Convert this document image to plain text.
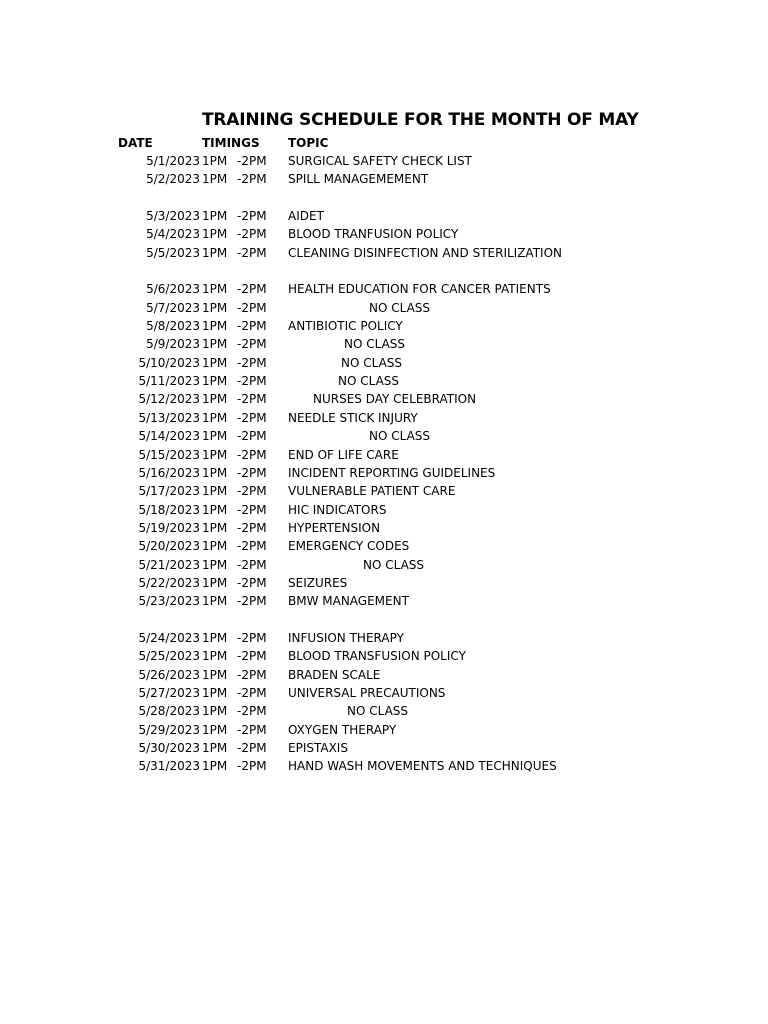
TRAINING SCHEDULE FOR THE MONTH OF MAY
DATE	TIMINGS TOPIC
5/1/2023 1PM -2PM SURGICAL SAFETY CHECK LIST
5/2/2023 1PM -2PM SPILL MANAGEMEMENT
5/3/2023 1PM -2PM AIDET
5/4/2023 1PM -2PM BLOOD TRANFUSION POLICY
5/5/2023 1PM -2PM CLEANING DISINFECTION AND STERILIZATION
5/6/2023 1PM -2PM HEALTH EDUCATION FOR CANCER PATIENTS
5/7/2023 1PM -2PM	NO CLASS
5/8/2023 1PM -2PM ANTIBIOTIC POLICY
5/9/2023 1PM -2PM	NO CLASS
5/10/2023 1PM -2PM	NO CLASS
5/11/2023 1PM -2PM	NO CLASS
5/12/2023 1PM -2PM	NURSES DAY CELEBRATION
5/13/2023 1PM -2PM NEEDLE STICK INJURY
5/14/2023 1PM -2PM	NO CLASS
5/15/2023 1PM -2PM END OF LIFE CARE
5/16/2023 1PM -2PM INCIDENT REPORTING GUIDELINES
5/17/2023 1PM -2PM VULNERABLE PATIENT CARE
5/18/2023 1PM -2PM HIC INDICATORS
5/19/2023 1PM -2PM HYPERTENSION
5/20/2023 1PM -2PM EMERGENCY CODES
5/21/2023 1PM -2PM	NO CLASS
5/22/2023 1PM -2PM SEIZURES
5/23/2023 1PM -2PM BMW MANAGEMENT
5/24/2023 1PM -2PM INFUSION THERAPY
5/25/2023 1PM -2PM BLOOD TRANSFUSION POLICY
5/26/2023 1PM -2PM BRADEN SCALE
5/27/2023 1PM -2PM UNIVERSAL PRECAUTIONS
5/28/2023 1PM -2PM	NO CLASS
5/29/2023 1PM -2PM OXYGEN THERAPY
5/30/2023 1PM -2PM EPISTAXIS
5/31/2023 1PM -2PM HAND WASH MOVEMENTS AND TECHNIQUES
